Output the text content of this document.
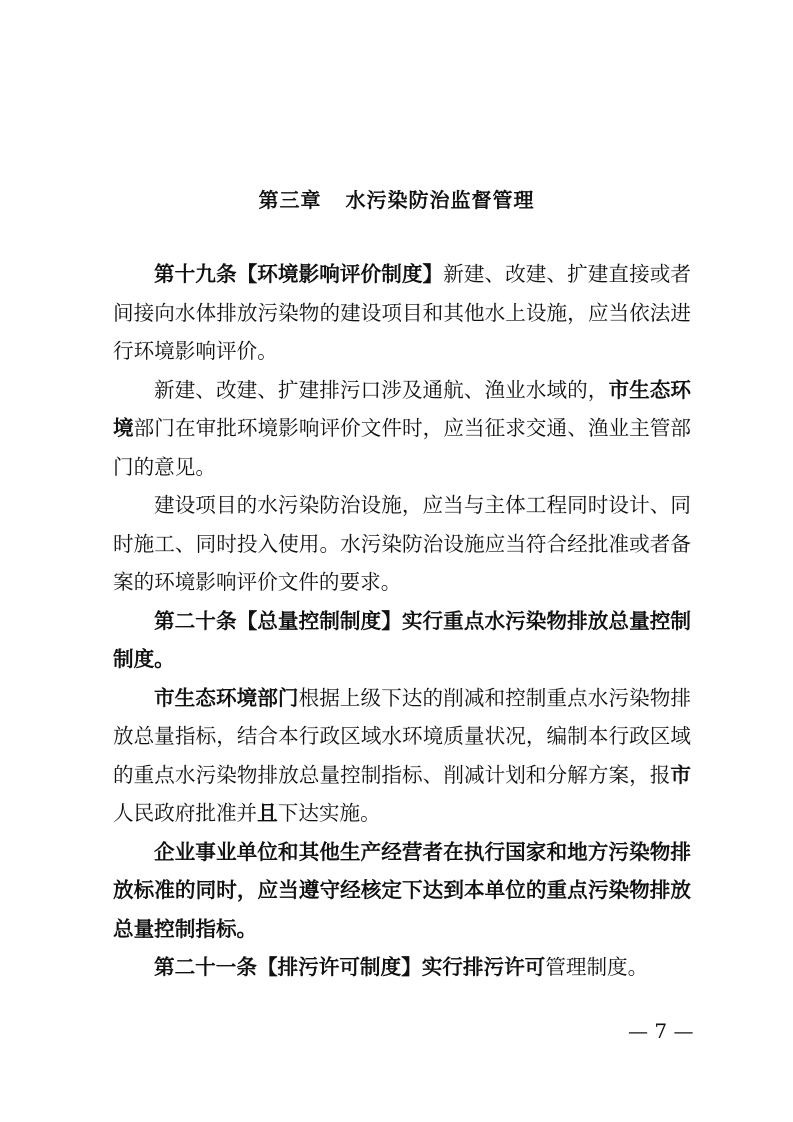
第三章 水污染防治监督管理

第十九条【环境影响评价制度】新建、改建、扩建直接或者间接向水体排放污染物的建设项目和其他水上设施，应当依法进行环境影响评价。

新建、改建、扩建排污口涉及通航、渔业水域的，市生态环境部门在审批环境影响评价文件时，应当征求交通、渔业主管部门的意见。

建设项目的水污染防治设施，应当与主体工程同时设计、同时施工、同时投入使用。水污染防治设施应当符合经批准或者备案的环境影响评价文件的要求。

第二十条【总量控制制度】实行重点水污染物排放总量控制制度。

市生态环境部门根据上级下达的削减和控制重点水污染物排放总量指标，结合本行政区域水环境质量状况，编制本行政区域的重点水污染物排放总量控制指标、削减计划和分解方案，报市人民政府批准并且下达实施。

企业事业单位和其他生产经营者在执行国家和地方污染物排放标准的同时，应当遵守经核定下达到本单位的重点污染物排放总量控制指标。

第二十一条【排污许可制度】实行排污许可管理制度。

— 7 —
